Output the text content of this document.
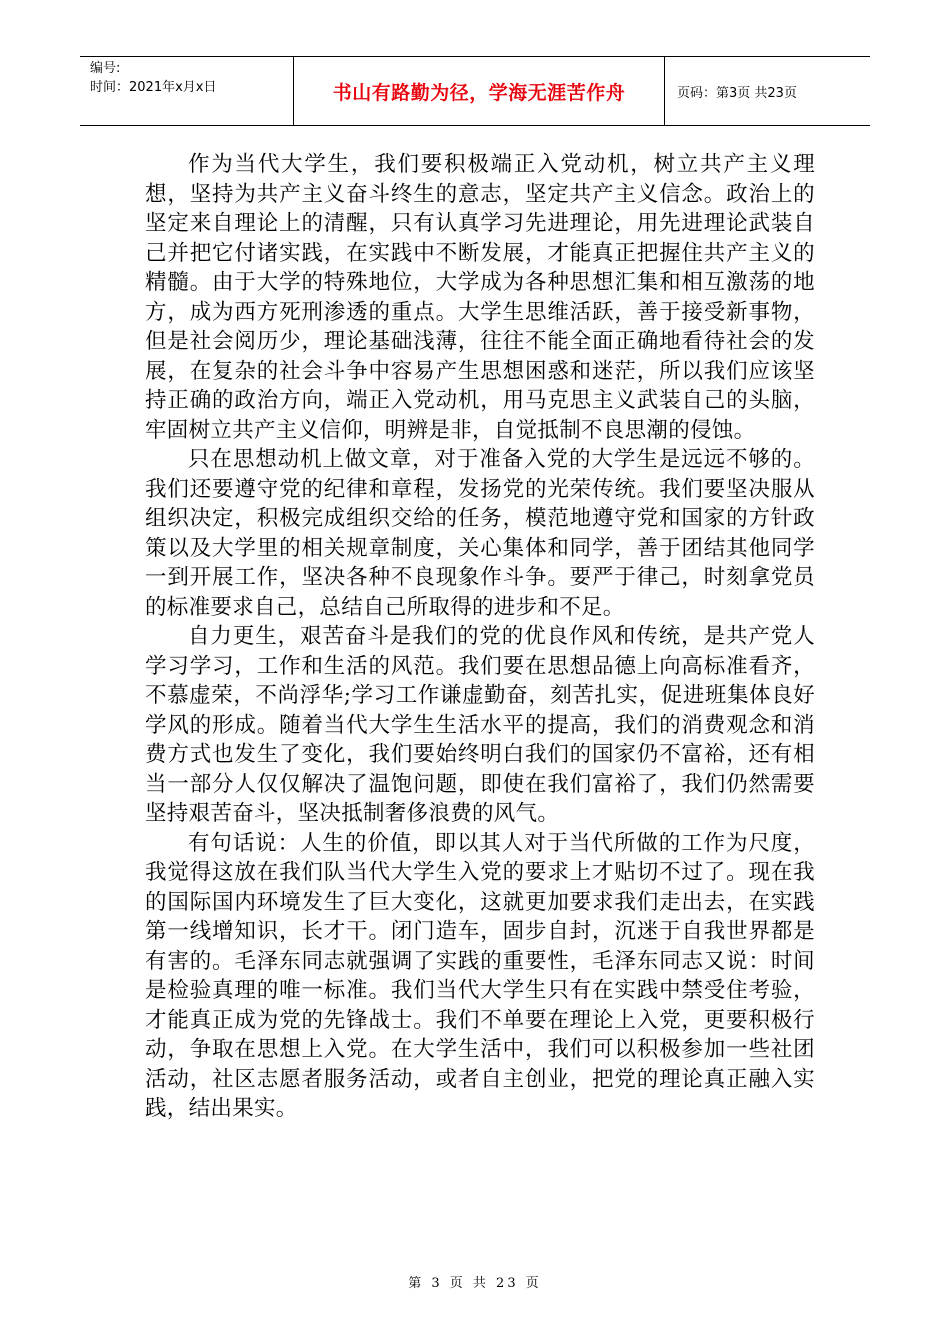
编号:
时间：2021年x月x日	书山有路勤为径，学海无涯苦作舟	页码：第3页 共23页

作为当代大学生，我们要积极端正入党动机，树立共产主义理想，坚持为共产主义奋斗终生的意志，坚定共产主义信念。政治上的坚定来自理论上的清醒，只有认真学习先进理论，用先进理论武装自己并把它付诸实践，在实践中不断发展，才能真正把握住共产主义的精髓。由于大学的特殊地位，大学成为各种思想汇集和相互激荡的地方，成为西方死刑渗透的重点。大学生思维活跃，善于接受新事物，但是社会阅历少，理论基础浅薄，往往不能全面正确地看待社会的发展，在复杂的社会斗争中容易产生思想困惑和迷茫，所以我们应该坚持正确的政治方向，端正入党动机，用马克思主义武装自己的头脑，牢固树立共产主义信仰，明辨是非，自觉抵制不良思潮的侵蚀。

只在思想动机上做文章，对于准备入党的大学生是远远不够的。我们还要遵守党的纪律和章程，发扬党的光荣传统。我们要坚决服从组织决定，积极完成组织交给的任务，模范地遵守党和国家的方针政策以及大学里的相关规章制度，关心集体和同学，善于团结其他同学一到开展工作，坚决各种不良现象作斗争。要严于律己，时刻拿党员的标准要求自己，总结自己所取得的进步和不足。

自力更生，艰苦奋斗是我们的党的优良作风和传统，是共产党人学习学习，工作和生活的风范。我们要在思想品德上向高标准看齐，不慕虚荣，不尚浮华;学习工作谦虚勤奋，刻苦扎实，促进班集体良好学风的形成。随着当代大学生生活水平的提高，我们的消费观念和消费方式也发生了变化，我们要始终明白我们的国家仍不富裕，还有相当一部分人仅仅解决了温饱问题，即使在我们富裕了，我们仍然需要坚持艰苦奋斗，坚决抵制奢侈浪费的风气。

有句话说：人生的价值，即以其人对于当代所做的工作为尺度，我觉得这放在我们队当代大学生入党的要求上才贴切不过了。现在我的国际国内环境发生了巨大变化，这就更加要求我们走出去，在实践第一线增知识，长才干。闭门造车，固步自封，沉迷于自我世界都是有害的。毛泽东同志就强调了实践的重要性，毛泽东同志又说：时间是检验真理的唯一标准。我们当代大学生只有在实践中禁受住考验，才能真正成为党的先锋战士。我们不单要在理论上入党，更要积极行动，争取在思想上入党。在大学生活中，我们可以积极参加一些社团活动，社区志愿者服务活动，或者自主创业，把党的理论真正融入实践，结出果实。

第 3 页 共 23 页
